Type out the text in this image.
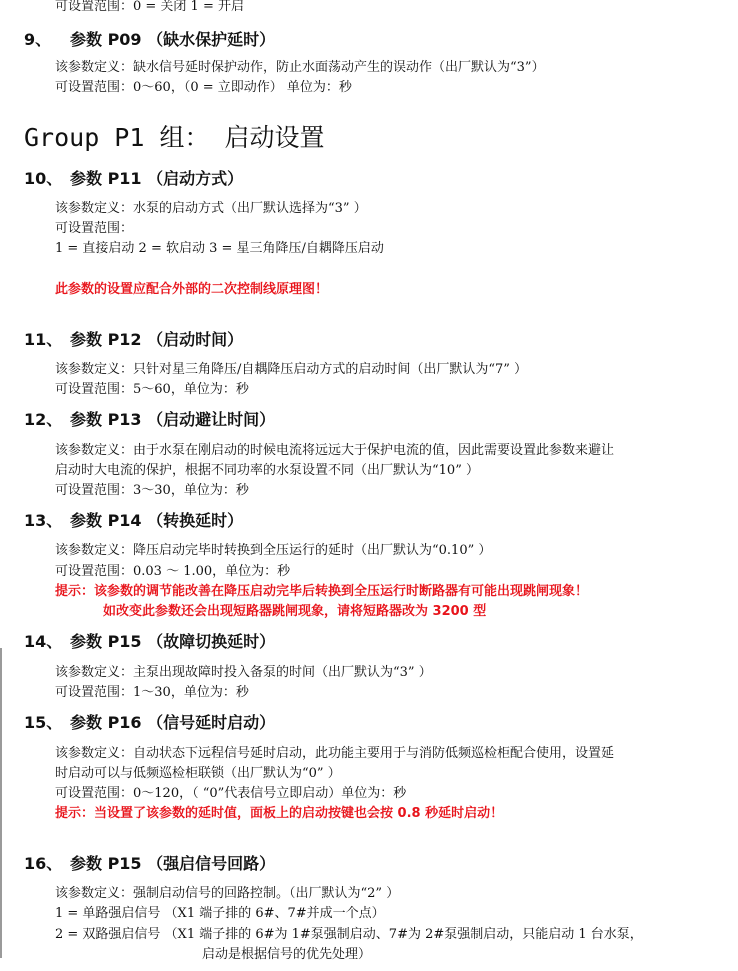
可设置范围：0 = 关闭 1 = 开启
9、 参数 P09 （缺水保护延时）
该参数定义：缺水信号延时保护动作，防止水面荡动产生的误动作（出厂默认为“3”）
可设置范围：0～60，（0 = 立即动作） 单位为：秒
Group P1 组： 启动设置
10、 参数 P11 （启动方式）
该参数定义：水泵的启动方式（出厂默认选择为“3” ）
可设置范围：
1 = 直接启动 2 = 软启动 3 = 星三角降压/自耦降压启动
此参数的设置应配合外部的二次控制线原理图！
11、 参数 P12 （启动时间）
该参数定义：只针对星三角降压/自耦降压启动方式的启动时间（出厂默认为“7” ）
可设置范围：5～60，单位为：秒
12、 参数 P13 （启动避让时间）
该参数定义：由于水泵在刚启动的时候电流将远远大于保护电流的值，因此需要设置此参数来避让
启动时大电流的保护，根据不同功率的水泵设置不同（出厂默认为“10” ）
可设置范围：3～30，单位为：秒
13、 参数 P14 （转换延时）
该参数定义：降压启动完毕时转换到全压运行的延时（出厂默认为“0.10” ）
可设置范围：0.03 ～ 1.00，单位为：秒
提示：该参数的调节能改善在降压启动完毕后转换到全压运行时断路器有可能出现跳闸现象！
如改变此参数还会出现短路器跳闸现象，请将短路器改为 3200 型
14、 参数 P15 （故障切换延时）
该参数定义：主泵出现故障时投入备泵的时间（出厂默认为“3” ）
可设置范围：1～30，单位为：秒
15、 参数 P16 （信号延时启动）
该参数定义：自动状态下远程信号延时启动，此功能主要用于与消防低频巡检柜配合使用，设置延
时启动可以与低频巡检柜联锁（出厂默认为“0” ）
可设置范围：0～120，（ “0”代表信号立即启动）单位为：秒
提示：当设置了该参数的延时值，面板上的启动按键也会按 0.8 秒延时启动！
16、 参数 P15 （强启信号回路）
该参数定义：强制启动信号的回路控制。（出厂默认为“2” ）
1 = 单路强启信号 （X1 端子排的 6#、7#并成一个点）
2 = 双路强启信号 （X1 端子排的 6#为 1#泵强制启动、7#为 2#泵强制启动，只能启动 1 台水泵，
启动是根据信号的优先处理）
